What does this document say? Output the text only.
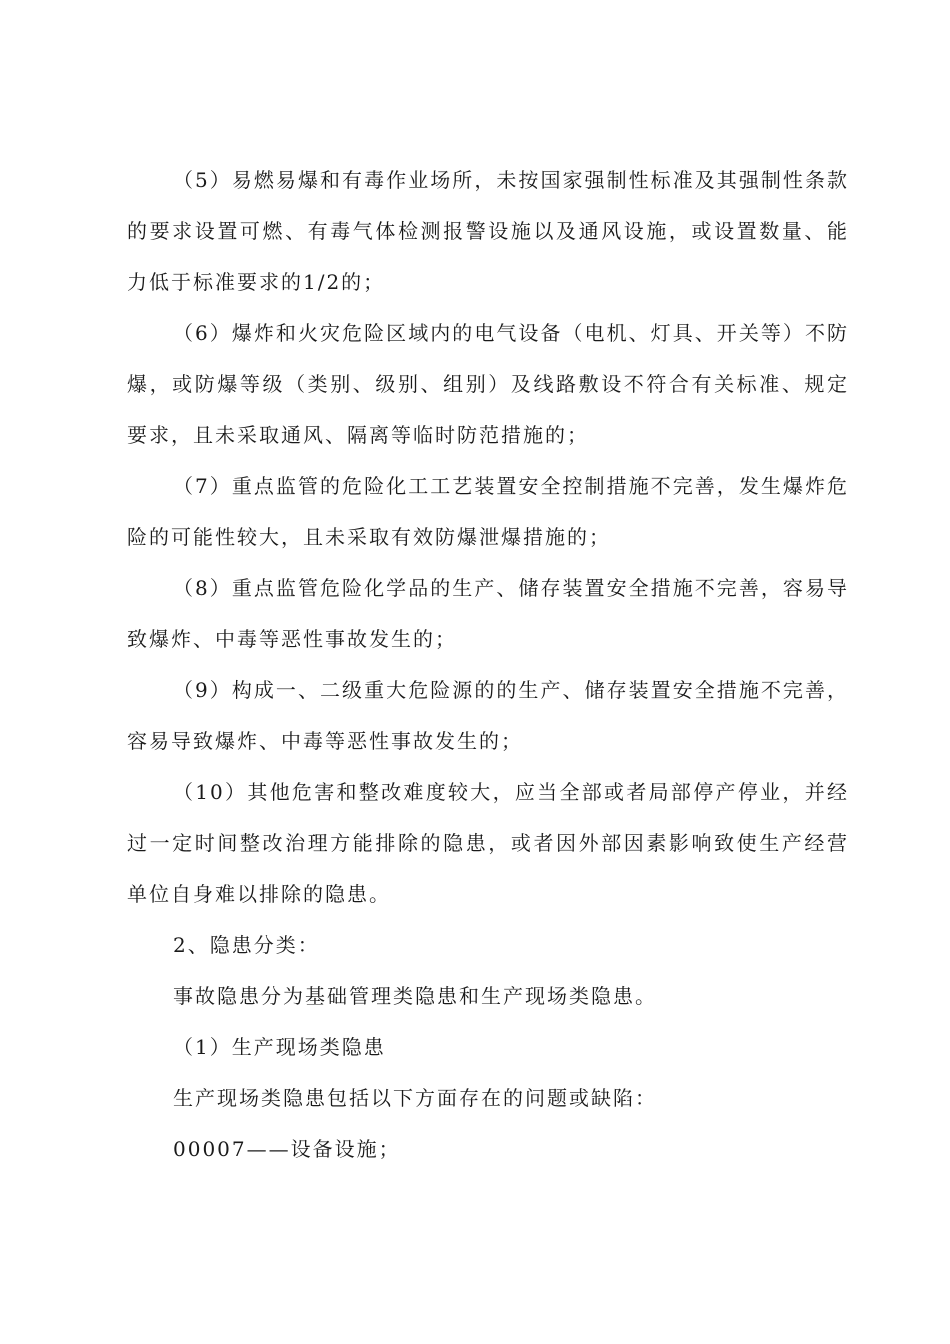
（5）易燃易爆和有毒作业场所，未按国家强制性标准及其强制性条款的要求设置可燃、有毒气体检测报警设施以及通风设施，或设置数量、能力低于标准要求的1/2的；

（6）爆炸和火灾危险区域内的电气设备（电机、灯具、开关等）不防爆，或防爆等级（类别、级别、组别）及线路敷设不符合有关标准、规定要求，且未采取通风、隔离等临时防范措施的；

（7）重点监管的危险化工工艺装置安全控制措施不完善，发生爆炸危险的可能性较大，且未采取有效防爆泄爆措施的；

（8）重点监管危险化学品的生产、储存装置安全措施不完善，容易导致爆炸、中毒等恶性事故发生的；

（9）构成一、二级重大危险源的的生产、储存装置安全措施不完善，容易导致爆炸、中毒等恶性事故发生的；

（10）其他危害和整改难度较大，应当全部或者局部停产停业，并经过一定时间整改治理方能排除的隐患，或者因外部因素影响致使生产经营单位自身难以排除的隐患。

2、隐患分类：

事故隐患分为基础管理类隐患和生产现场类隐患。

（1）生产现场类隐患

生产现场类隐患包括以下方面存在的问题或缺陷：

00007——设备设施；
